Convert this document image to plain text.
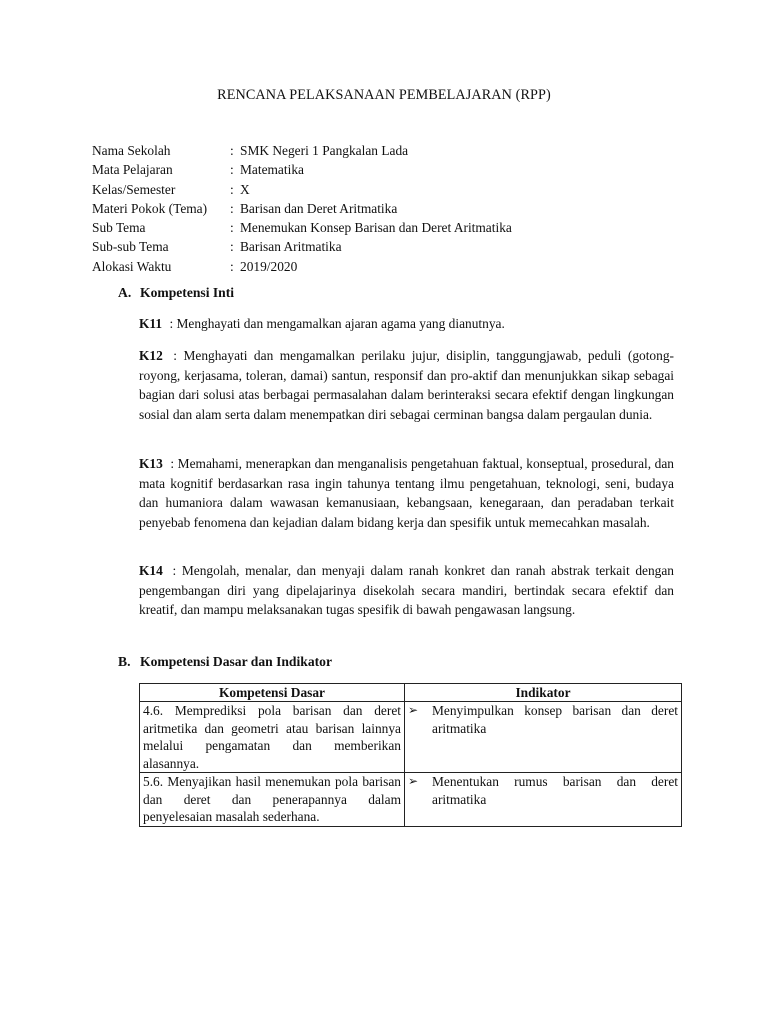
RENCANA PELAKSANAAN PEMBELAJARAN (RPP)
Nama Sekolah	: SMK Negeri 1 Pangkalan Lada
Mata Pelajaran	: Matematika
Kelas/Semester	: X
Materi Pokok (Tema)	: Barisan dan Deret Aritmatika
Sub Tema	: Menemukan Konsep Barisan dan Deret Aritmatika
Sub-sub Tema	: Barisan Aritmatika
Alokasi Waktu	: 2019/2020
A. Kompetensi Inti
K11 : Menghayati dan mengamalkan ajaran agama yang dianutnya.
K12 : Menghayati dan mengamalkan perilaku jujur, disiplin, tanggungjawab, peduli (gotong-royong, kerjasama, toleran, damai) santun, responsif dan pro-aktif dan menunjukkan sikap sebagai bagian dari solusi atas berbagai permasalahan dalam berinteraksi secara efektif dengan lingkungan sosial dan alam serta dalam menempatkan diri sebagai cerminan bangsa dalam pergaulan dunia.
K13 : Memahami, menerapkan dan menganalisis pengetahuan faktual, konseptual, prosedural, dan mata kognitif berdasarkan rasa ingin tahunya tentang ilmu pengetahuan, teknologi, seni, budaya dan humaniora dalam wawasan kemanusiaan, kebangsaan, kenegaraan, dan peradaban terkait penyebab fenomena dan kejadian dalam bidang kerja dan spesifik untuk memecahkan masalah.
K14 : Mengolah, menalar, dan menyaji dalam ranah konkret dan ranah abstrak terkait dengan pengembangan diri yang dipelajarinya disekolah secara mandiri, bertindak secara efektif dan kreatif, dan mampu melaksanakan tugas spesifik di bawah pengawasan langsung.
B. Kompetensi Dasar dan Indikator
Kompetensi Dasar	Indikator
4.6. Memprediksi pola barisan dan deret aritmetika dan geometri atau barisan lainnya melalui pengamatan dan memberikan alasannya.	➢ Menyimpulkan konsep barisan dan deret aritmatika

5.6. Menyajikan hasil menemukan pola barisan dan deret dan penerapannya dalam penyelesaian masalah sederhana.	➢ Menentukan rumus barisan dan deret aritmatika
